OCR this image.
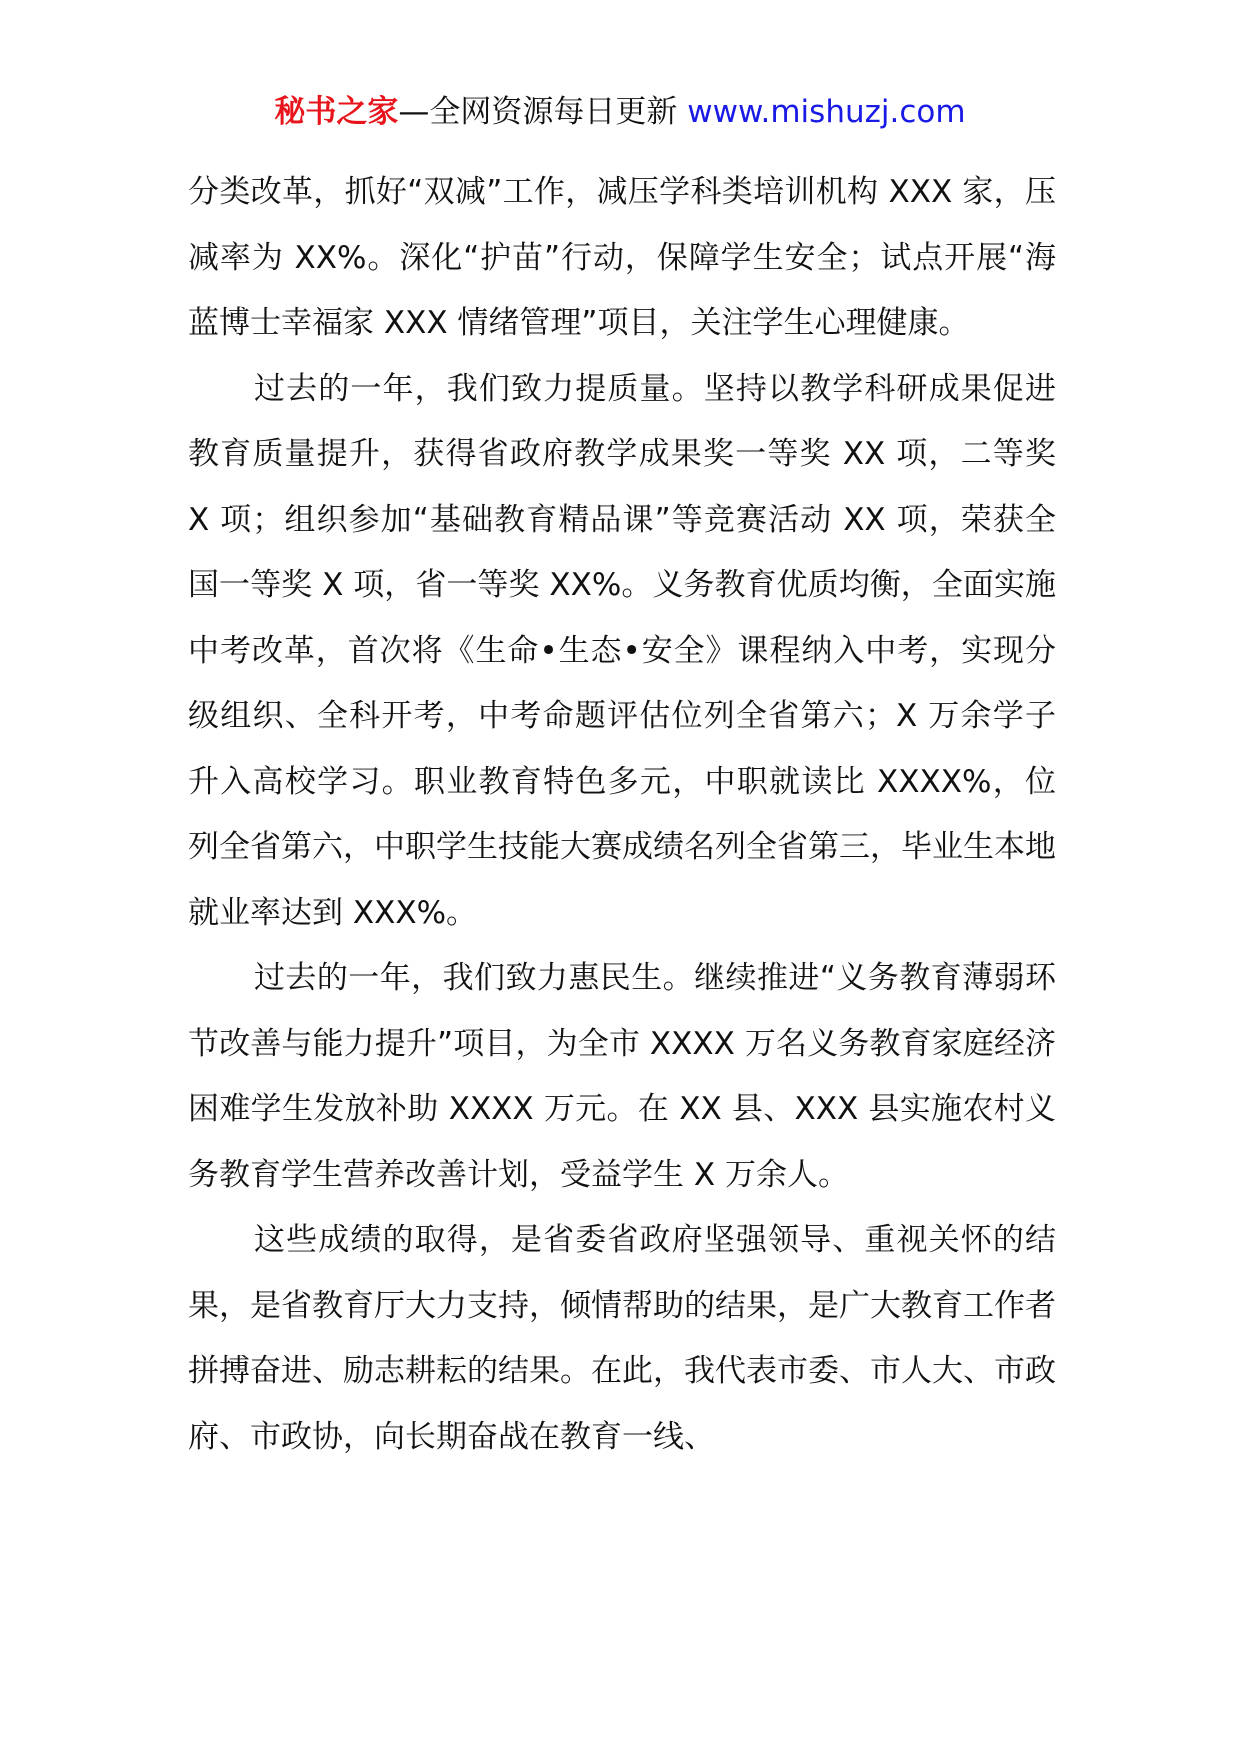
秘书之家—全网资源每日更新 www.mishuzj.com

分类改革，抓好“双减”工作，减压学科类培训机构 XXX 家，压减率为 XX%。深化“护苗”行动，保障学生安全；试点开展“海蓝博士幸福家 XXX 情绪管理”项目，关注学生心理健康。

过去的一年，我们致力提质量。坚持以教学科研成果促进教育质量提升，获得省政府教学成果奖一等奖 XX 项，二等奖 X 项；组织参加“基础教育精品课”等竞赛活动 XX 项，荣获全国一等奖 X 项，省一等奖 XX%。义务教育优质均衡，全面实施中考改革，首次将《生命•生态•安全》课程纳入中考，实现分级组织、全科开考，中考命题评估位列全省第六；X 万余学子升入高校学习。职业教育特色多元，中职就读比 XXXX%，位列全省第六，中职学生技能大赛成绩名列全省第三，毕业生本地就业率达到 XXX%。

过去的一年，我们致力惠民生。继续推进“义务教育薄弱环节改善与能力提升”项目，为全市 XXXX 万名义务教育家庭经济困难学生发放补助 XXXX 万元。在 XX 县、XXX 县实施农村义务教育学生营养改善计划，受益学生 X 万余人。

这些成绩的取得，是省委省政府坚强领导、重视关怀的结果，是省教育厅大力支持，倾情帮助的结果，是广大教育工作者拼搏奋进、励志耕耘的结果。在此，我代表市委、市人大、市政府、市政协，向长期奋战在教育一线、
